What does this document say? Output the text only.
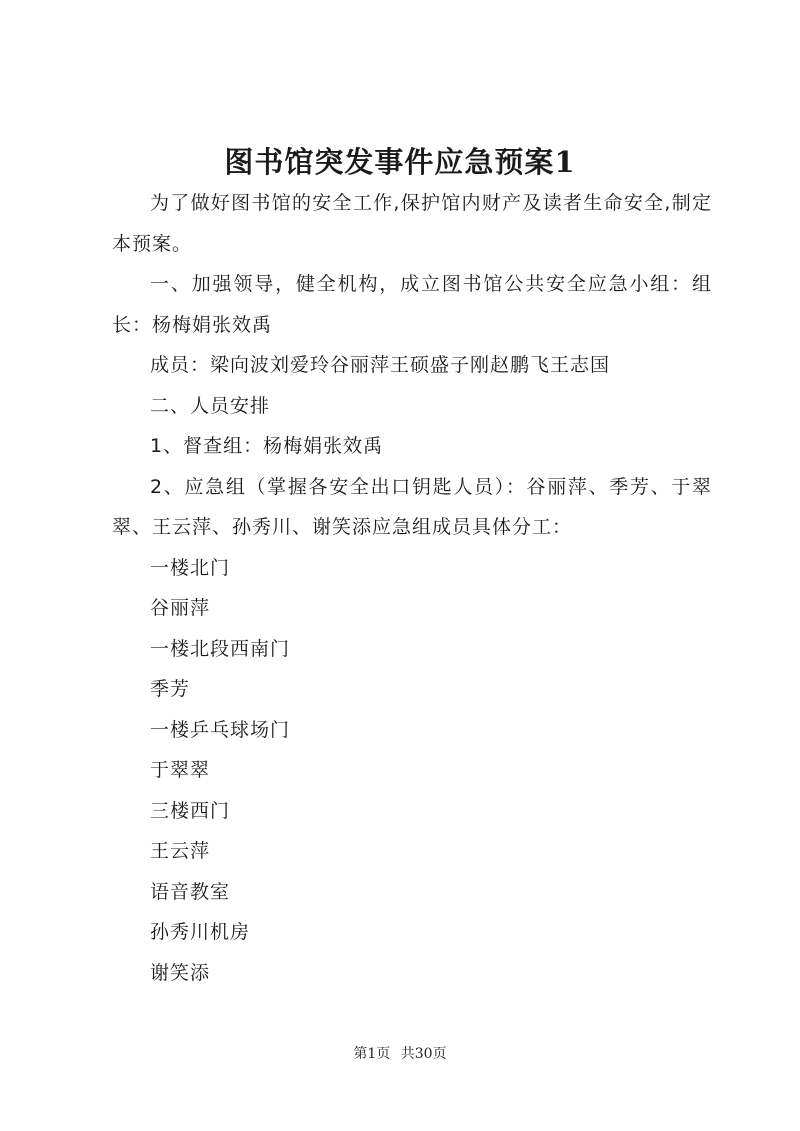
图书馆突发事件应急预案1

为了做好图书馆的安全工作,保护馆内财产及读者生命安全,制定本预案。

一、加强领导，健全机构，成立图书馆公共安全应急小组：组长：杨梅娟张效禹

成员：梁向波刘爱玲谷丽萍王硕盛子刚赵鹏飞王志国

二、人员安排

1、督查组：杨梅娟张效禹

2、应急组（掌握各安全出口钥匙人员）：谷丽萍、季芳、于翠翠、王云萍、孙秀川、谢笑添应急组成员具体分工：

一楼北门

谷丽萍

一楼北段西南门

季芳

一楼乒乓球场门

于翠翠

三楼西门

王云萍

语音教室

孙秀川机房

谢笑添

第1页 共30页
